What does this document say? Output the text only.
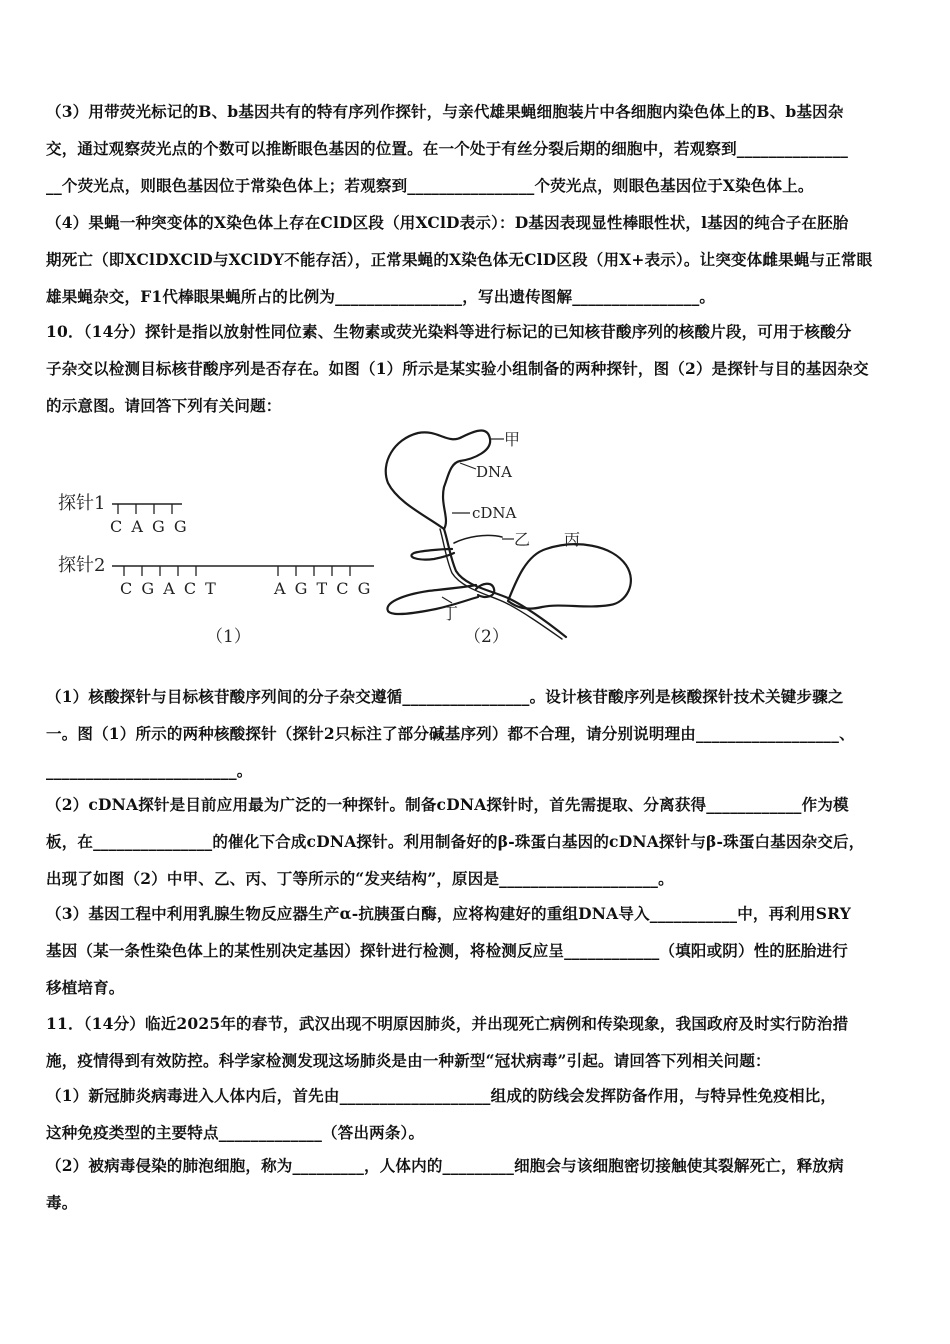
（3）用带荧光标记的B、b基因共有的特有序列作探针，与亲代雄果蝇细胞装片中各细胞内染色体上的B、b基因杂

交，通过观察荧光点的个数可以推断眼色基因的位置。在一个处于有丝分裂后期的细胞中，若观察到______________

__个荧光点，则眼色基因位于常染色体上；若观察到________________个荧光点，则眼色基因位于X染色体上。

（4）果蝇一种突变体的X染色体上存在ClD区段（用XClD表示）：D基因表现显性棒眼性状，l基因的纯合子在胚胎

期死亡（即XClDXClD与XClDY不能存活），正常果蝇的X染色体无ClD区段（用X+表示）。让突变体雌果蝇与正常眼

雄果蝇杂交，F1代棒眼果蝇所占的比例为________________，写出遗传图解________________。

10．（14分）探针是指以放射性同位素、生物素或荧光染料等进行标记的已知核苷酸序列的核酸片段，可用于核酸分

子杂交以检测目标核苷酸序列是否存在。如图（1）所示是某实验小组制备的两种探针，图（2）是探针与目的基因杂交

的示意图。请回答下列有关问题：

探针1
C A G G
探针2
C G A C T	A G T C G
（1）
甲
DNA
cDNA
乙 丙
丁
（2）

（1）核酸探针与目标核苷酸序列间的分子杂交遵循________________。设计核苷酸序列是核酸探针技术关键步骤之

一。图（1）所示的两种核酸探针（探针2只标注了部分碱基序列）都不合理，请分别说明理由__________________、

________________________。

（2）cDNA探针是目前应用最为广泛的一种探针。制备cDNA探针时，首先需提取、分离获得____________作为模

板，在_______________的催化下合成cDNA探针。利用制备好的β-珠蛋白基因的cDNA探针与β-珠蛋白基因杂交后，

出现了如图（2）中甲、乙、丙、丁等所示的“发夹结构”，原因是____________________。

（3）基因工程中利用乳腺生物反应器生产α-抗胰蛋白酶，应将构建好的重组DNA导入___________中，再利用SRY

基因（某一条性染色体上的某性别决定基因）探针进行检测，将检测反应呈____________（填阳或阴）性的胚胎进行

移植培育。

11．（14分）临近2025年的春节，武汉出现不明原因肺炎，并出现死亡病例和传染现象，我国政府及时实行防治措

施，疫情得到有效防控。科学家检测发现这场肺炎是由一种新型“冠状病毒”引起。请回答下列相关问题：

（1）新冠肺炎病毒进入人体内后，首先由___________________组成的防线会发挥防备作用，与特异性免疫相比，

这种免疫类型的主要特点_____________（答出两条）。

（2）被病毒侵染的肺泡细胞，称为_________，人体内的_________细胞会与该细胞密切接触使其裂解死亡，释放病

毒。
